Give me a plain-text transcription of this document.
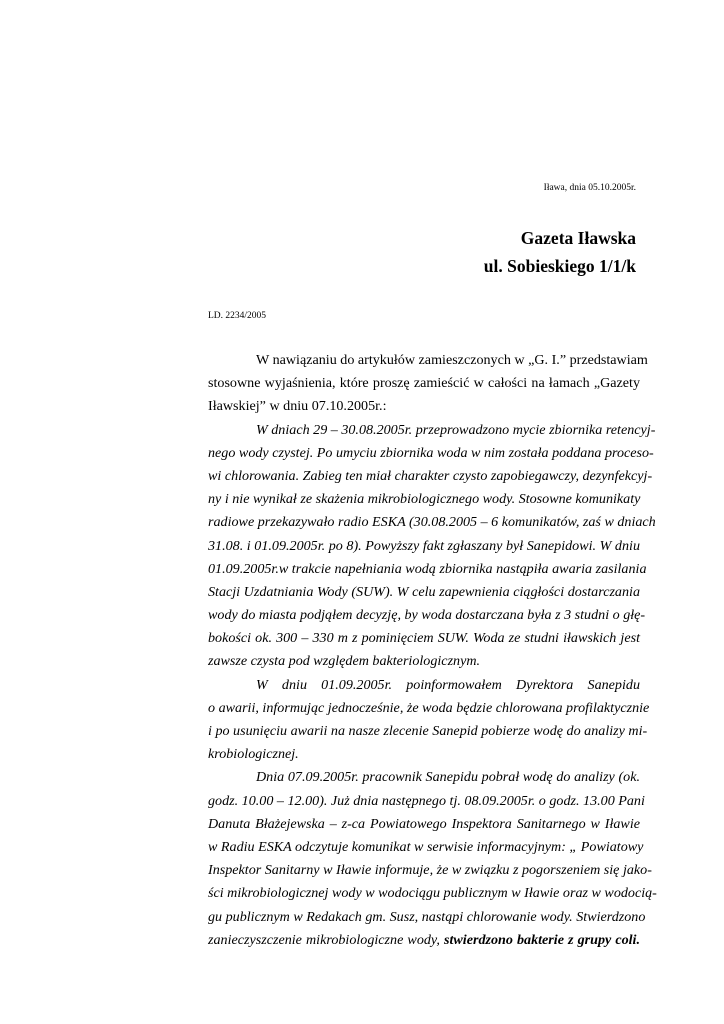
Iława, dnia 05.10.2005r.
Gazeta Iławska
ul. Sobieskiego 1/1/k
LD. 2234/2005
W nawiązaniu do artykułów zamieszczonych w „G. I.” przedstawiam
stosowne wyjaśnienia, które proszę zamieścić w całości na łamach „Gazety
Iławskiej” w dniu 07.10.2005r.:
W dniach 29 – 30.08.2005r. przeprowadzono mycie zbiornika retencyj-
nego wody czystej. Po umyciu zbiornika woda w nim została poddana proceso-
wi chlorowania. Zabieg ten miał charakter czysto zapobiegawczy, dezynfekcyj-
ny i nie wynikał ze skażenia mikrobiologicznego wody. Stosowne komunikaty
radiowe przekazywało radio ESKA (30.08.2005 – 6 komunikatów, zaś w dniach
31.08. i 01.09.2005r. po 8). Powyższy fakt zgłaszany był Sanepidowi. W dniu
01.09.2005r.w trakcie napełniania wodą zbiornika nastąpiła awaria zasilania
Stacji Uzdatniania Wody (SUW). W celu zapewnienia ciągłości dostarczania
wody do miasta podjąłem decyzję, by woda dostarczana była z 3 studni o głę-
bokości ok. 300 – 330 m z pominięciem SUW. Woda ze studni iławskich jest
zawsze czysta pod względem bakteriologicznym.
W dniu 01.09.2005r. poinformowałem Dyrektora Sanepidu
o awarii, informując jednocześnie, że woda będzie chlorowana profilaktycznie
i po usunięciu awarii na nasze zlecenie Sanepid pobierze wodę do analizy mi-
krobiologicznej.
Dnia 07.09.2005r. pracownik Sanepidu pobrał wodę do analizy (ok.
godz. 10.00 – 12.00). Już dnia następnego tj. 08.09.2005r. o godz. 13.00 Pani
Danuta Błażejewska – z-ca Powiatowego Inspektora Sanitarnego w Iławie
w Radiu ESKA odczytuje komunikat w serwisie informacyjnym: „ Powiatowy
Inspektor Sanitarny w Iławie informuje, że w związku z pogorszeniem się jako-
ści mikrobiologicznej wody w wodociągu publicznym w Iławie oraz w wodocią-
gu publicznym w Redakach gm. Susz, nastąpi chlorowanie wody. Stwierdzono
zanieczyszczenie mikrobiologiczne wody, stwierdzono bakterie z grupy coli.
